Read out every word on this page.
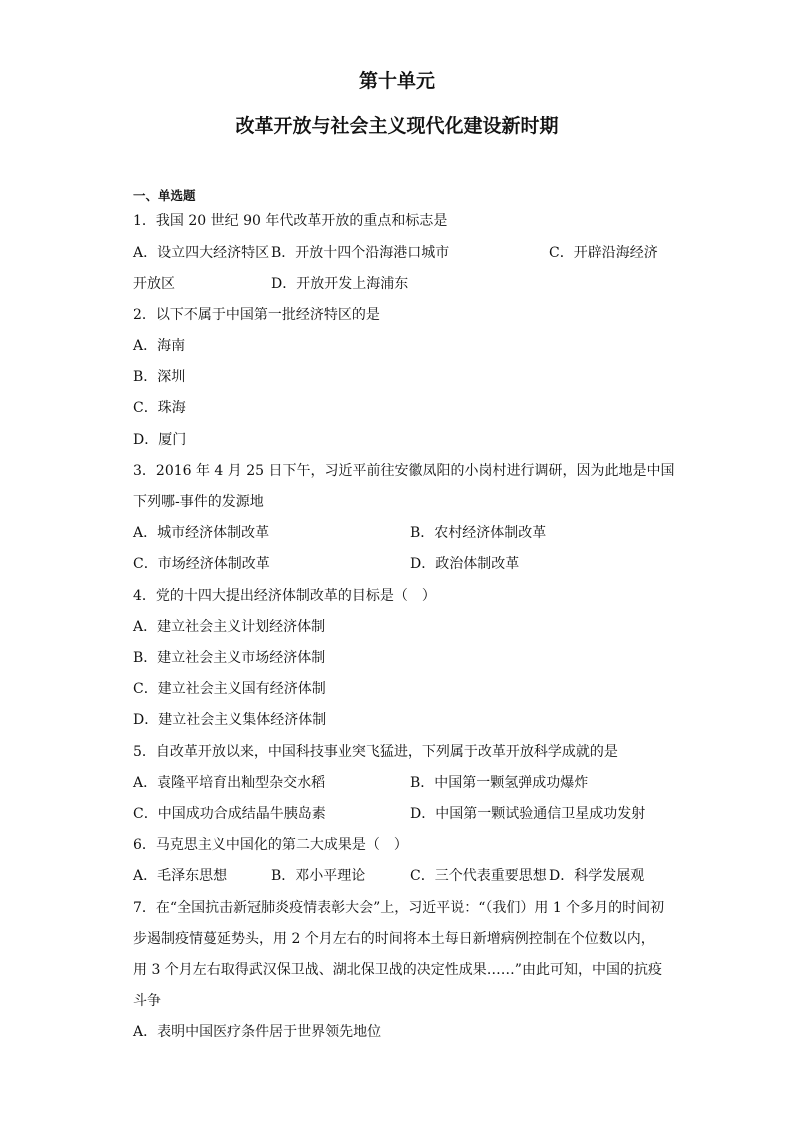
第十单元
改革开放与社会主义现代化建设新时期
一、单选题
1．我国 20 世纪 90 年代改革开放的重点和标志是
A．设立四大经济特区 B．开放十四个沿海港口城市	C．开辟沿海经济
开放区	D．开放开发上海浦东
2．以下不属于中国第一批经济特区的是
A．海南
B．深圳
C．珠海
D．厦门
3．2016 年 4 月 25 日下午，习近平前往安徽凤阳的小岗村进行调研，因为此地是中国
下列哪-事件的发源地
A．城市经济体制改革	B．农村经济体制改革
C．市场经济体制改革	D．政治体制改革
4．党的十四大提出经济体制改革的目标是（　）
A．建立社会主义计划经济体制
B．建立社会主义市场经济体制
C．建立社会主义国有经济体制
D．建立社会主义集体经济体制
5．自改革开放以来，中国科技事业突飞猛进，下列属于改革开放科学成就的是
A．袁隆平培育出籼型杂交水稻	B．中国第一颗氢弹成功爆炸
C．中国成功合成结晶牛胰岛素	D．中国第一颗试验通信卫星成功发射
6．马克思主义中国化的第二大成果是（　）
A．毛泽东思想	B．邓小平理论	C．三个代表重要思想 D．科学发展观
7．在“全国抗击新冠肺炎疫情表彰大会”上，习近平说：“（我们）用 1 个多月的时间初
步遏制疫情蔓延势头，用 2 个月左右的时间将本土每日新增病例控制在个位数以内，
用 3 个月左右取得武汉保卫战、湖北保卫战的决定性成果……”由此可知，中国的抗疫
斗争
A．表明中国医疗条件居于世界领先地位
